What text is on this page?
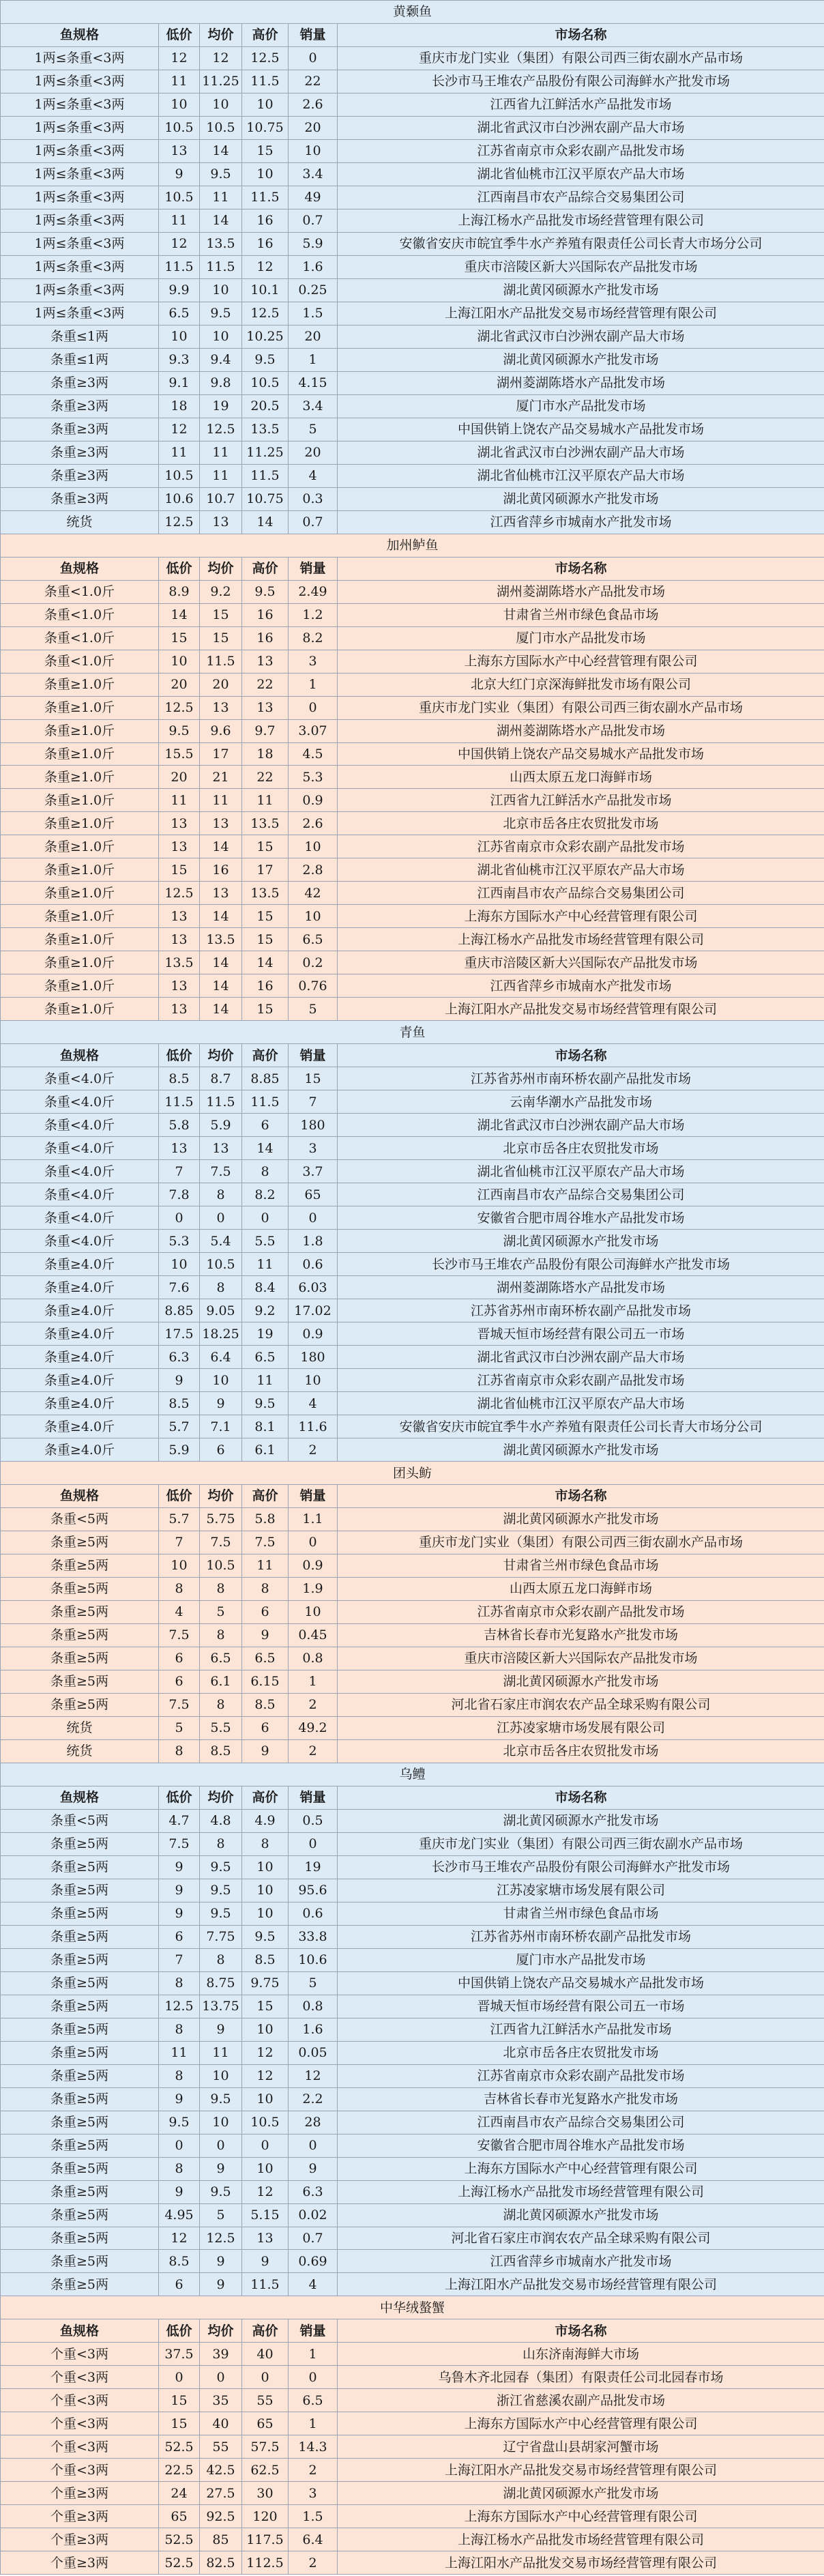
黄颡鱼					
鱼规格	低价	均价	高价	销量	市场名称
1两≤条重<3两	12	12	12.5	0	重庆市龙门实业（集团）有限公司西三街农副水产品市场
1两≤条重<3两	11	11.25	11.5	22	长沙市马王堆农产品股份有限公司海鲜水产批发市场
1两≤条重<3两	10	10	10	2.6	江西省九江鲜活水产品批发市场
1两≤条重<3两	10.5	10.5	10.75	20	湖北省武汉市白沙洲农副产品大市场
1两≤条重<3两	13	14	15	10	江苏省南京市众彩农副产品批发市场
1两≤条重<3两	9	9.5	10	3.4	湖北省仙桃市江汉平原农产品大市场
1两≤条重<3两	10.5	11	11.5	49	江西南昌市农产品综合交易集团公司
1两≤条重<3两	11	14	16	0.7	上海江杨水产品批发市场经营管理有限公司
1两≤条重<3两	12	13.5	16	5.9	安徽省安庆市皖宜季牛水产养殖有限责任公司长青大市场分公司
1两≤条重<3两	11.5	11.5	12	1.6	重庆市涪陵区新大兴国际农产品批发市场
1两≤条重<3两	9.9	10	10.1	0.25	湖北黄冈硕源水产批发市场
1两≤条重<3两	6.5	9.5	12.5	1.5	上海江阳水产品批发交易市场经营管理有限公司
条重≤1两	10	10	10.25	20	湖北省武汉市白沙洲农副产品大市场
条重≤1两	9.3	9.4	9.5	1	湖北黄冈硕源水产批发市场
条重≥3两	9.1	9.8	10.5	4.15	湖州菱湖陈塔水产品批发市场
条重≥3两	18	19	20.5	3.4	厦门市水产品批发市场
条重≥3两	12	12.5	13.5	5	中国供销上饶农产品交易城水产品批发市场
条重≥3两	11	11	11.25	20	湖北省武汉市白沙洲农副产品大市场
条重≥3两	10.5	11	11.5	4	湖北省仙桃市江汉平原农产品大市场
条重≥3两	10.6	10.7	10.75	0.3	湖北黄冈硕源水产批发市场
统货	12.5	13	14	0.7	江西省萍乡市城南水产批发市场
加州鲈鱼					
鱼规格	低价	均价	高价	销量	市场名称
条重<1.0斤	8.9	9.2	9.5	2.49	湖州菱湖陈塔水产品批发市场
条重<1.0斤	14	15	16	1.2	甘肃省兰州市绿色食品市场
条重<1.0斤	15	15	16	8.2	厦门市水产品批发市场
条重<1.0斤	10	11.5	13	3	上海东方国际水产中心经营管理有限公司
条重≥1.0斤	20	20	22	1	北京大红门京深海鲜批发市场有限公司
条重≥1.0斤	12.5	13	13	0	重庆市龙门实业（集团）有限公司西三街农副水产品市场
条重≥1.0斤	9.5	9.6	9.7	3.07	湖州菱湖陈塔水产品批发市场
条重≥1.0斤	15.5	17	18	4.5	中国供销上饶农产品交易城水产品批发市场
条重≥1.0斤	20	21	22	5.3	山西太原五龙口海鲜市场
条重≥1.0斤	11	11	11	0.9	江西省九江鲜活水产品批发市场
条重≥1.0斤	13	13	13.5	2.6	北京市岳各庄农贸批发市场
条重≥1.0斤	13	14	15	10	江苏省南京市众彩农副产品批发市场
条重≥1.0斤	15	16	17	2.8	湖北省仙桃市江汉平原农产品大市场
条重≥1.0斤	12.5	13	13.5	42	江西南昌市农产品综合交易集团公司
条重≥1.0斤	13	14	15	10	上海东方国际水产中心经营管理有限公司
条重≥1.0斤	13	13.5	15	6.5	上海江杨水产品批发市场经营管理有限公司
条重≥1.0斤	13.5	14	14	0.2	重庆市涪陵区新大兴国际农产品批发市场
条重≥1.0斤	13	14	16	0.76	江西省萍乡市城南水产批发市场
条重≥1.0斤	13	14	15	5	上海江阳水产品批发交易市场经营管理有限公司
青鱼					
鱼规格	低价	均价	高价	销量	市场名称
条重<4.0斤	8.5	8.7	8.85	15	江苏省苏州市南环桥农副产品批发市场
条重<4.0斤	11.5	11.5	11.5	7	云南华潮水产品批发市场
条重<4.0斤	5.8	5.9	6	180	湖北省武汉市白沙洲农副产品大市场
条重<4.0斤	13	13	14	3	北京市岳各庄农贸批发市场
条重<4.0斤	7	7.5	8	3.7	湖北省仙桃市江汉平原农产品大市场
条重<4.0斤	7.8	8	8.2	65	江西南昌市农产品综合交易集团公司
条重<4.0斤	0	0	0	0	安徽省合肥市周谷堆水产品批发市场
条重<4.0斤	5.3	5.4	5.5	1.8	湖北黄冈硕源水产批发市场
条重≥4.0斤	10	10.5	11	0.6	长沙市马王堆农产品股份有限公司海鲜水产批发市场
条重≥4.0斤	7.6	8	8.4	6.03	湖州菱湖陈塔水产品批发市场
条重≥4.0斤	8.85	9.05	9.2	17.02	江苏省苏州市南环桥农副产品批发市场
条重≥4.0斤	17.5	18.25	19	0.9	晋城天恒市场经营有限公司五一市场
条重≥4.0斤	6.3	6.4	6.5	180	湖北省武汉市白沙洲农副产品大市场
条重≥4.0斤	9	10	11	10	江苏省南京市众彩农副产品批发市场
条重≥4.0斤	8.5	9	9.5	4	湖北省仙桃市江汉平原农产品大市场
条重≥4.0斤	5.7	7.1	8.1	11.6	安徽省安庆市皖宜季牛水产养殖有限责任公司长青大市场分公司
条重≥4.0斤	5.9	6	6.1	2	湖北黄冈硕源水产批发市场
团头鲂					
鱼规格	低价	均价	高价	销量	市场名称
条重<5两	5.7	5.75	5.8	1.1	湖北黄冈硕源水产批发市场
条重≥5两	7	7.5	7.5	0	重庆市龙门实业（集团）有限公司西三街农副水产品市场
条重≥5两	10	10.5	11	0.9	甘肃省兰州市绿色食品市场
条重≥5两	8	8	8	1.9	山西太原五龙口海鲜市场
条重≥5两	4	5	6	10	江苏省南京市众彩农副产品批发市场
条重≥5两	7.5	8	9	0.45	吉林省长春市光复路水产批发市场
条重≥5两	6	6.5	6.5	0.8	重庆市涪陵区新大兴国际农产品批发市场
条重≥5两	6	6.1	6.15	1	湖北黄冈硕源水产批发市场
条重≥5两	7.5	8	8.5	2	河北省石家庄市润农农产品全球采购有限公司
统货	5	5.5	6	49.2	江苏凌家塘市场发展有限公司
统货	8	8.5	9	2	北京市岳各庄农贸批发市场
乌鳢					
鱼规格	低价	均价	高价	销量	市场名称
条重<5两	4.7	4.8	4.9	0.5	湖北黄冈硕源水产批发市场
条重≥5两	7.5	8	8	0	重庆市龙门实业（集团）有限公司西三街农副水产品市场
条重≥5两	9	9.5	10	19	长沙市马王堆农产品股份有限公司海鲜水产批发市场
条重≥5两	9	9.5	10	95.6	江苏凌家塘市场发展有限公司
条重≥5两	9	9.5	10	0.6	甘肃省兰州市绿色食品市场
条重≥5两	6	7.75	9.5	33.8	江苏省苏州市南环桥农副产品批发市场
条重≥5两	7	8	8.5	10.6	厦门市水产品批发市场
条重≥5两	8	8.75	9.75	5	中国供销上饶农产品交易城水产品批发市场
条重≥5两	12.5	13.75	15	0.8	晋城天恒市场经营有限公司五一市场
条重≥5两	8	9	10	1.6	江西省九江鲜活水产品批发市场
条重≥5两	11	11	12	0.05	北京市岳各庄农贸批发市场
条重≥5两	8	10	12	12	江苏省南京市众彩农副产品批发市场
条重≥5两	9	9.5	10	2.2	吉林省长春市光复路水产批发市场
条重≥5两	9.5	10	10.5	28	江西南昌市农产品综合交易集团公司
条重≥5两	0	0	0	0	安徽省合肥市周谷堆水产品批发市场
条重≥5两	8	9	10	9	上海东方国际水产中心经营管理有限公司
条重≥5两	9	9.5	12	6.3	上海江杨水产品批发市场经营管理有限公司
条重≥5两	4.95	5	5.15	0.02	湖北黄冈硕源水产批发市场
条重≥5两	12	12.5	13	0.7	河北省石家庄市润农农产品全球采购有限公司
条重≥5两	8.5	9	9	0.69	江西省萍乡市城南水产批发市场
条重≥5两	6	9	11.5	4	上海江阳水产品批发交易市场经营管理有限公司
中华绒螯蟹					
鱼规格	低价	均价	高价	销量	市场名称
个重<3两	37.5	39	40	1	山东济南海鲜大市场
个重<3两	0	0	0	0	乌鲁木齐北园春（集团）有限责任公司北园春市场
个重<3两	15	35	55	6.5	浙江省慈溪农副产品批发市场
个重<3两	15	40	65	1	上海东方国际水产中心经营管理有限公司
个重<3两	52.5	55	57.5	14.3	辽宁省盘山县胡家河蟹市场
个重<3两	22.5	42.5	62.5	2	上海江阳水产品批发交易市场经营管理有限公司
个重≥3两	24	27.5	30	3	湖北黄冈硕源水产批发市场
个重≥3两	65	92.5	120	1.5	上海东方国际水产中心经营管理有限公司
个重≥3两	52.5	85	117.5	6.4	上海江杨水产品批发市场经营管理有限公司
个重≥3两	52.5	82.5	112.5	2	上海江阳水产品批发交易市场经营管理有限公司
